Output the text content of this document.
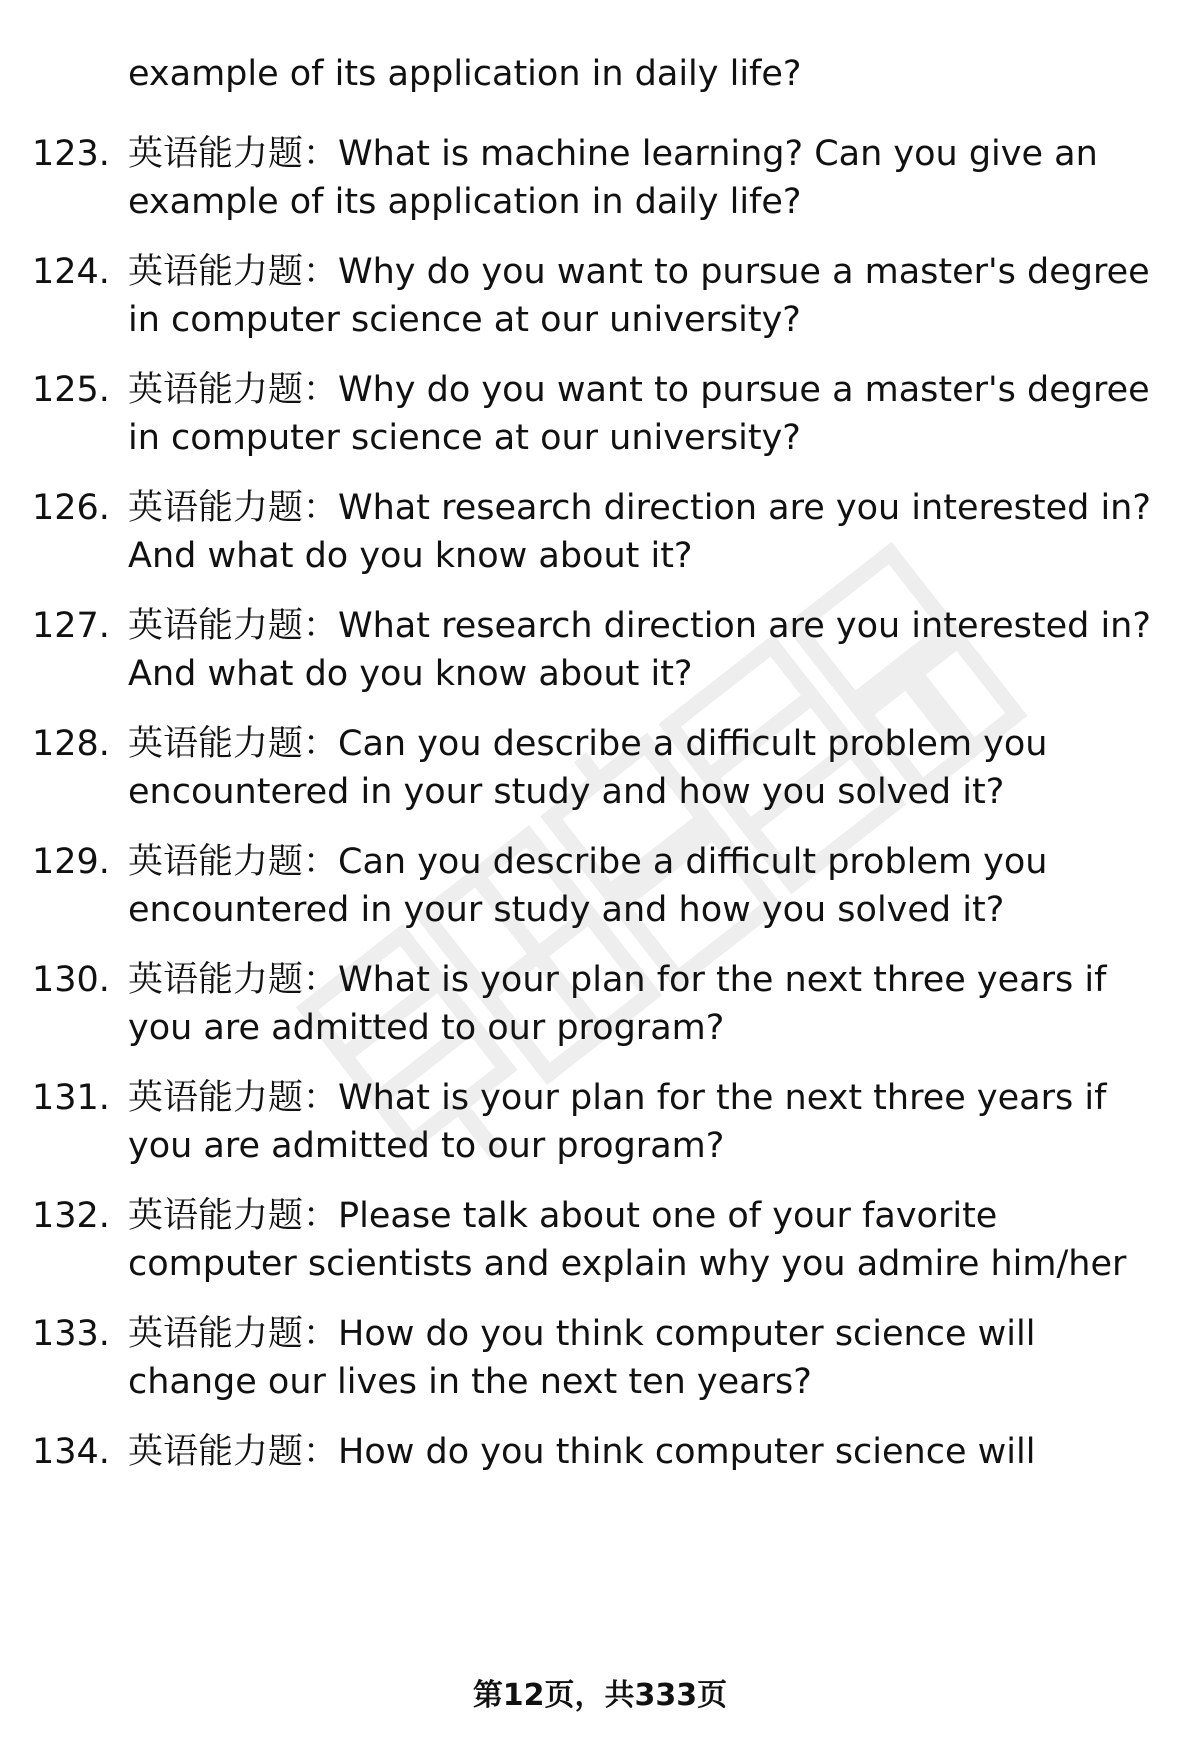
example of its application in daily life?
123. 英语能力题：What is machine learning? Can you give an
example of its application in daily life?
124. 英语能力题：Why do you want to pursue a master's degree
in computer science at our university?
125. 英语能力题：Why do you want to pursue a master's degree
in computer science at our university?
126. 英语能力题：What research direction are you interested in?
And what do you know about it?
127. 英语能力题：What research direction are you interested in?
And what do you know about it?
128. 英语能力题：Can you describe a difficult problem you
encountered in your study and how you solved it?
129. 英语能力题：Can you describe a difficult problem you
encountered in your study and how you solved it?
130. 英语能力题：What is your plan for the next three years if
you are admitted to our program?
131. 英语能力题：What is your plan for the next three years if
you are admitted to our program?
132. 英语能力题：Please talk about one of your favorite
computer scientists and explain why you admire him/her
133. 英语能力题：How do you think computer science will
change our lives in the next ten years?
134. 英语能力题：How do you think computer science will
第12页，共333页
